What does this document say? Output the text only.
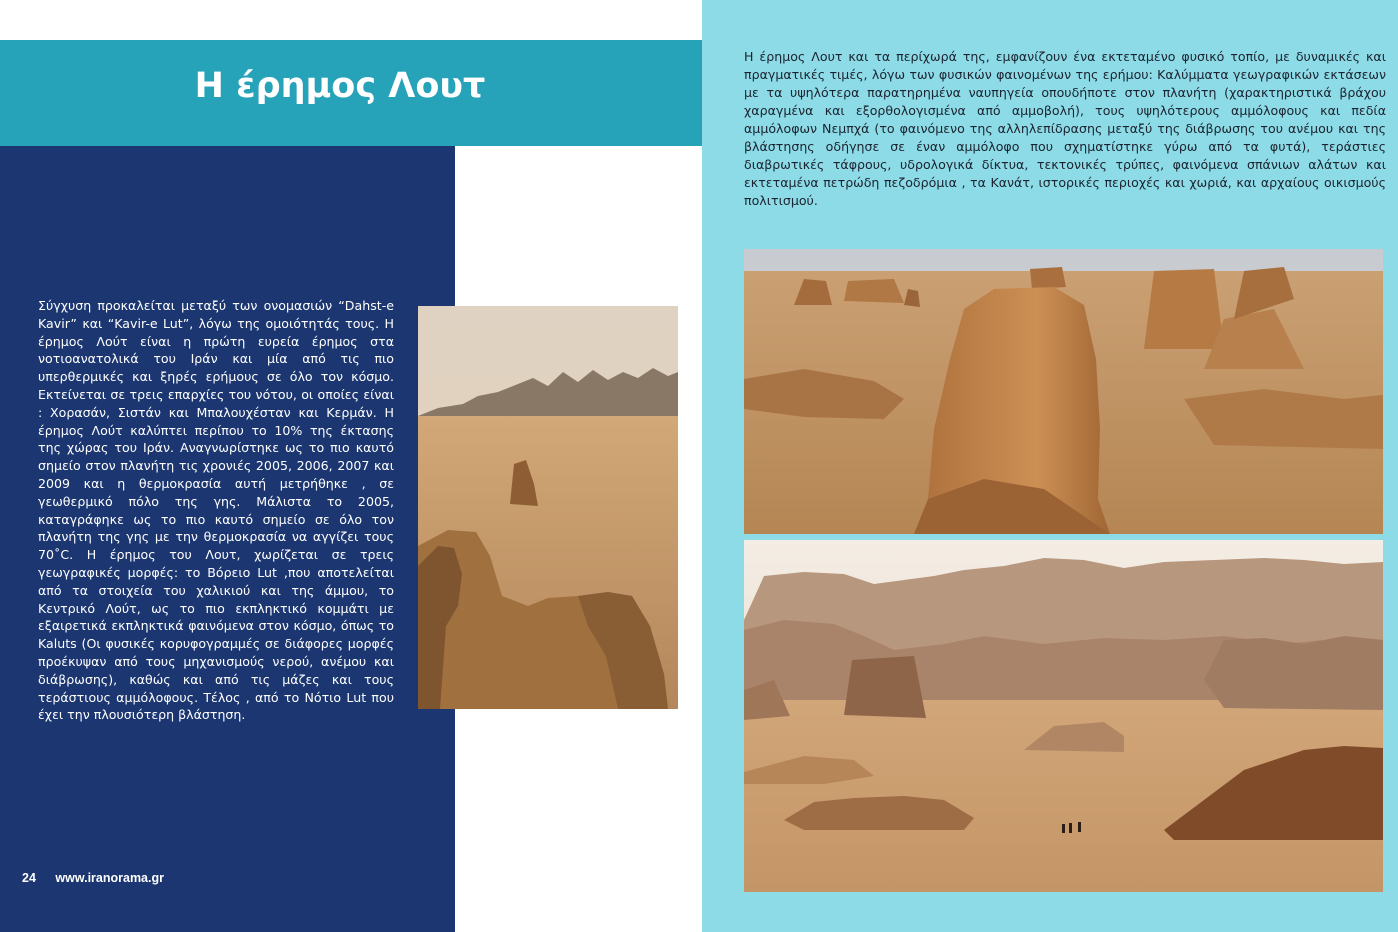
Η έρημος Λουτ

Σύγχυση προκαλείται μεταξύ των ονομασιών “Dahst-e Kavir” και “Kavir-e Lut”, λόγω της ομοιότητάς τους. Η έρημος Λούτ είναι η πρώτη ευρεία έρημος στα νοτιοανατολικά του Ιράν και μία από τις πιο υπερθερμικές και ξηρές ερήμους σε όλο τον κόσμο. Εκτείνεται σε τρεις επαρχίες του νότου, οι οποίες είναι : Χορασάν, Σιστάν και Μπαλουχέσταν και Κερμάν. Η έρημος Λούτ καλύπτει περίπου το 10% της έκτασης της χώρας του Ιράν. Αναγνωρίστηκε ως το πιο καυτό σημείο στον πλανήτη τις χρονιές 2005, 2006, 2007 και 2009 και η θερμοκρασία αυτή μετρήθηκε , σε γεωθερμικό πόλο της γης. Μάλιστα το 2005, καταγράφηκε ως το πιο καυτό σημείο σε όλο τον πλανήτη της γης με την θερμοκρασία να αγγίζει τους 70˚C. Η έρημος του Λουτ, χωρίζεται σε τρεις γεωγραφικές μορφές: το Βόρειο Lut ,που αποτελείται από τα στοιχεία του χαλικιού και της άμμου, το Κεντρικό Λούτ, ως το πιο εκπληκτικό κομμάτι με εξαιρετικά εκπληκτικά φαινόμενα στον κόσμο, όπως το Kaluts (Οι φυσικές κορυφογραμμές σε διάφορες μορφές προέκυψαν από τους μηχανισμούς νερού, ανέμου και διάβρωσης), καθώς και από τις μάζες και τους τεράστιους αμμόλοφους. Τέλος , από το Νότιο Lut που έχει την πλουσιότερη βλάστηση.

24 www.iranorama.gr

Η έρημος Λουτ και τα περίχωρά της, εμφανίζουν ένα εκτεταμένο φυσικό τοπίο, με δυναμικές και πραγματικές τιμές, λόγω των φυσικών φαινομένων της ερήμου: Καλύμματα γεωγραφικών εκτάσεων με τα υψηλότερα παρατηρημένα ναυπηγεία οπουδήποτε στον πλανήτη (χαρακτηριστικά βράχου χαραγμένα και εξορθολογισμένα από αμμοβολή), τους υψηλότερους αμμόλοφους και πεδία αμμόλοφων Νεμπχά (το φαινόμενο της αλληλεπίδρασης μεταξύ της διάβρωσης του ανέμου και της βλάστησης οδήγησε σε έναν αμμόλοφο που σχηματίστηκε γύρω από τα φυτά), τεράστιες διαβρωτικές τάφρους, υδρολογικά δίκτυα, τεκτονικές τρύπες, φαινόμενα σπάνιων αλάτων και εκτεταμένα πετρώδη πεζοδρόμια , τα Κανάτ, ιστορικές περιοχές και χωριά, και αρχαίους οικισμούς πολιτισμού.
